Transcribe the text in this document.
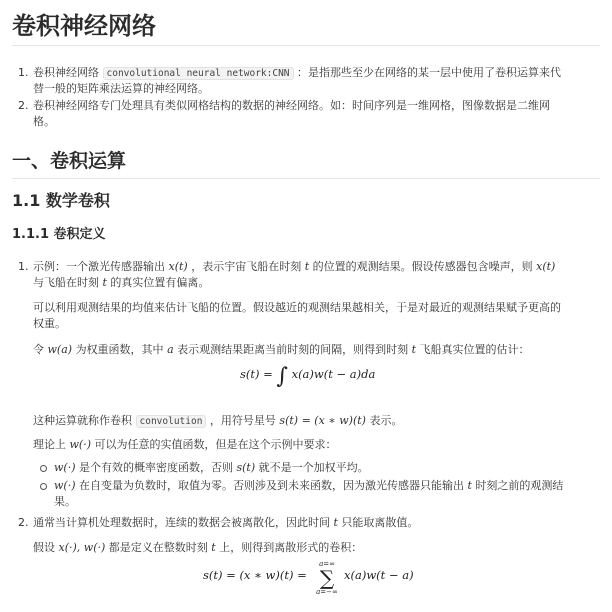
卷积神经网络
1. 卷积神经网络 convolutional neural network:CNN ：是指那些至少在网络的某一层中使用了卷积运算来代
替一般的矩阵乘法运算的神经网络。
2. 卷积神经网络专门处理具有类似网格结构的数据的神经网络。如：时间序列是一维网格，图像数据是二维网
格。
一、卷积运算
1.1 数学卷积
1.1.1 卷积定义
1. 示例：一个激光传感器输出 x(t) ，表示宇宙飞船在时刻 t 的位置的观测结果。假设传感器包含噪声，则 x(t)
与飞船在时刻 t 的真实位置有偏离。
可以利用观测结果的均值来估计飞船的位置。假设越近的观测结果越相关，于是对最近的观测结果赋予更高的
权重。
令 w(a) 为权重函数，其中 a 表示观测结果距离当前时刻的间隔，则得到时刻 t 飞船真实位置的估计：
s(t) = ∫ x(a)w(t − a)da
这种运算就称作卷积 convolution ，用符号星号 s(t) = (x ∗ w)(t) 表示。
理论上 w(·) 可以为任意的实值函数，但是在这个示例中要求：
w(·) 是个有效的概率密度函数，否则 s(t) 就不是一个加权平均。
w(·) 在自变量为负数时，取值为零。否则涉及到未来函数，因为激光传感器只能输出 t 时刻之前的观测结
果。
2. 通常当计算机处理数据时，连续的数据会被离散化，因此时间 t 只能取离散值。
假设 x(·), w(·) 都是定义在整数时刻 t 上，则得到离散形式的卷积：
s(t) = (x ∗ w)(t) =
a=∞
∑
a=−∞
x(a)w(t − a)
